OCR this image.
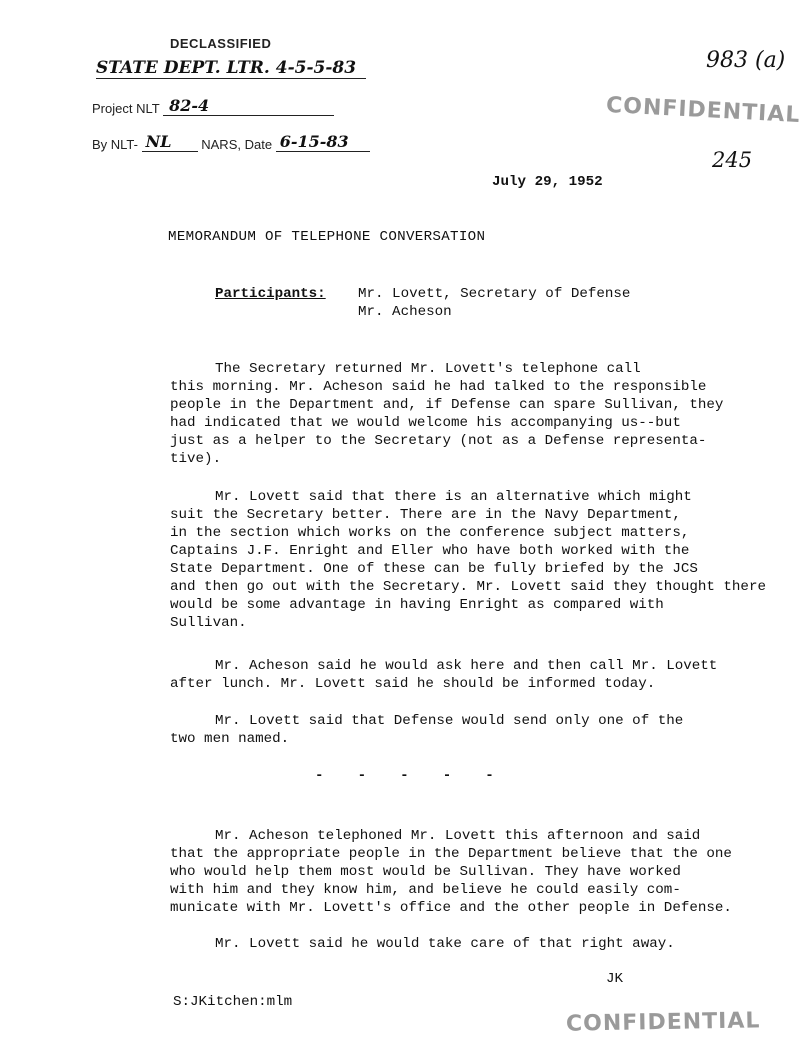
DECLASSIFIED
STATE DEPT. LTR. 4-5-5-83
Project NLT 82-4
By NLT- NL NARS, Date 6-15-83
983 (a)
245
CONFIDENTIAL
CONFIDENTIAL
July 29, 1952
MEMORANDUM OF TELEPHONE CONVERSATION
Participants: Mr. Lovett, Secretary of Defense
Mr. Acheson
The Secretary returned Mr. Lovett's telephone call
this morning. Mr. Acheson said he had talked to the responsible
people in the Department and, if Defense can spare Sullivan, they
had indicated that we would welcome his accompanying us--but
just as a helper to the Secretary (not as a Defense representa-
tive).
Mr. Lovett said that there is an alternative which might
suit the Secretary better. There are in the Navy Department,
in the section which works on the conference subject matters,
Captains J.F. Enright and Eller who have both worked with the
State Department. One of these can be fully briefed by the JCS
and then go out with the Secretary. Mr. Lovett said they thought there
would be some advantage in having Enright as compared with
Sullivan.
Mr. Acheson said he would ask here and then call Mr. Lovett
after lunch. Mr. Lovett said he should be informed today.
Mr. Lovett said that Defense would send only one of the
two men named.
-    -    -    -    -
Mr. Acheson telephoned Mr. Lovett this afternoon and said
that the appropriate people in the Department believe that the one
who would help them most would be Sullivan. They have worked
with him and they know him, and believe he could easily com-
municate with Mr. Lovett's office and the other people in Defense.
Mr. Lovett said he would take care of that right away.
JK
S:JKitchen:mlm
